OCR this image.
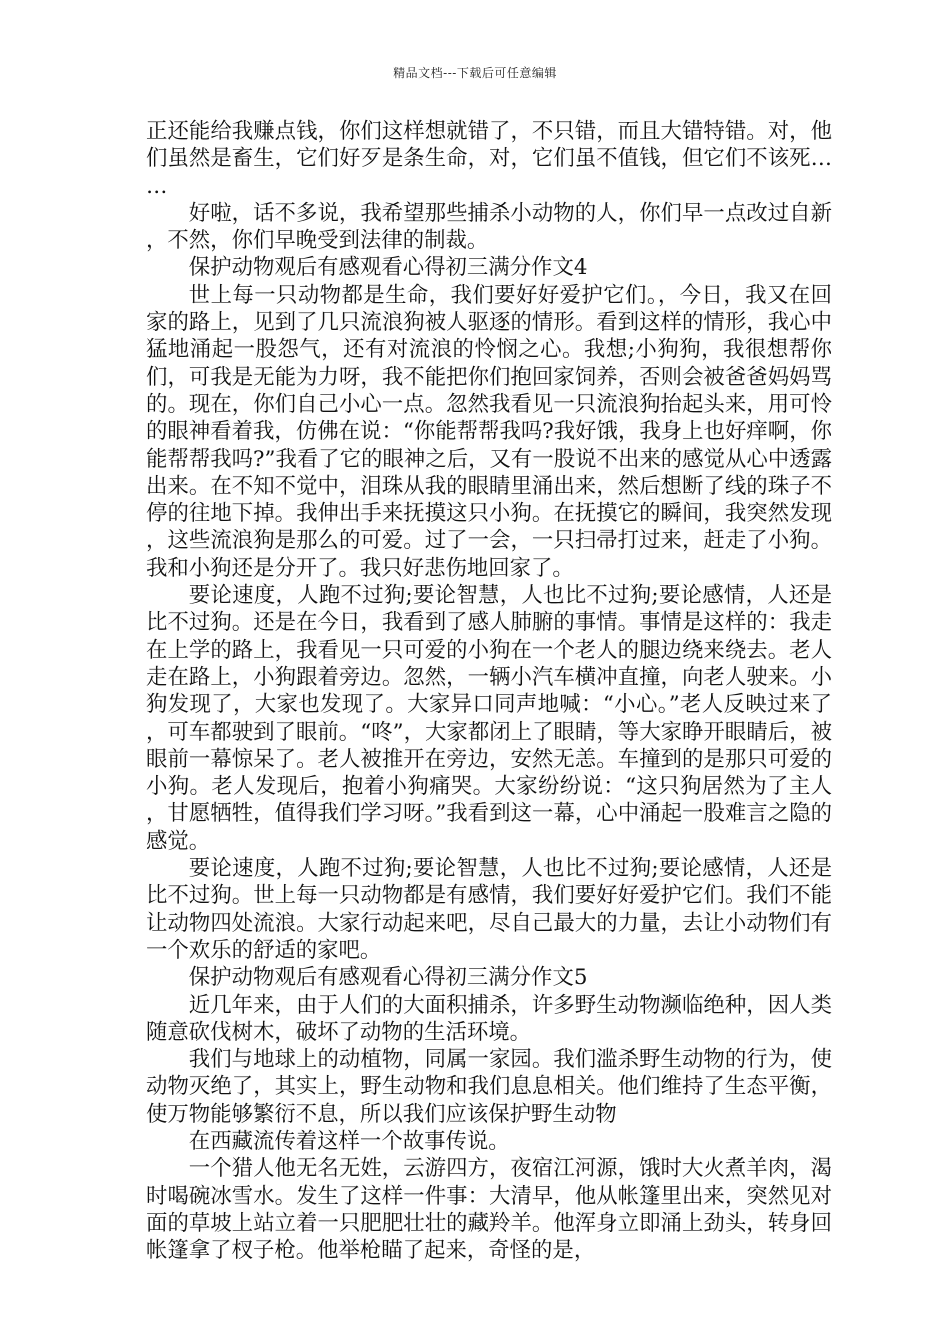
精品文档---下载后可任意编辑

正还能给我赚点钱，你们这样想就错了，不只错，而且大错特错。对，他们虽然是畜生，它们好歹是条生命，对，它们虽不值钱，但它们不该死……

好啦，话不多说，我希望那些捕杀小动物的人，你们早一点改过自新，不然，你们早晚受到法律的制裁。

保护动物观后有感观看心得初三满分作文4

世上每一只动物都是生命，我们要好好爱护它们。，今日，我又在回家的路上，见到了几只流浪狗被人驱逐的情形。看到这样的情形，我心中猛地涌起一股怨气，还有对流浪的怜悯之心。我想;小狗狗，我很想帮你们，可我是无能为力呀，我不能把你们抱回家饲养，否则会被爸爸妈妈骂的。现在，你们自己小心一点。忽然我看见一只流浪狗抬起头来，用可怜的眼神看着我，仿佛在说：“你能帮帮我吗?我好饿，我身上也好痒啊，你能帮帮我吗?”我看了它的眼神之后，又有一股说不出来的感觉从心中透露出来。在不知不觉中，泪珠从我的眼睛里涌出来，然后想断了线的珠子不停的往地下掉。我伸出手来抚摸这只小狗。在抚摸它的瞬间，我突然发现，这些流浪狗是那么的可爱。过了一会，一只扫帚打过来，赶走了小狗。我和小狗还是分开了。我只好悲伤地回家了。

要论速度，人跑不过狗;要论智慧，人也比不过狗;要论感情，人还是比不过狗。还是在今日，我看到了感人肺腑的事情。事情是这样的：我走在上学的路上，我看见一只可爱的小狗在一个老人的腿边绕来绕去。老人走在路上，小狗跟着旁边。忽然，一辆小汽车横冲直撞，向老人驶来。小狗发现了，大家也发现了。大家异口同声地喊：“小心。”老人反映过来了，可车都驶到了眼前。“咚”，大家都闭上了眼睛，等大家睁开眼睛后，被眼前一幕惊呆了。老人被推开在旁边，安然无恙。车撞到的是那只可爱的小狗。老人发现后，抱着小狗痛哭。大家纷纷说：“这只狗居然为了主人，甘愿牺牲，值得我们学习呀。”我看到这一幕，心中涌起一股难言之隐的感觉。

要论速度，人跑不过狗;要论智慧，人也比不过狗;要论感情，人还是比不过狗。世上每一只动物都是有感情，我们要好好爱护它们。我们不能让动物四处流浪。大家行动起来吧，尽自己最大的力量，去让小动物们有一个欢乐的舒适的家吧。

保护动物观后有感观看心得初三满分作文5

近几年来，由于人们的大面积捕杀，许多野生动物濒临绝种，因人类随意砍伐树木，破坏了动物的生活环境。

我们与地球上的动植物，同属一家园。我们滥杀野生动物的行为，使动物灭绝了，其实上，野生动物和我们息息相关。他们维持了生态平衡，使万物能够繁衍不息，所以我们应该保护野生动物

在西藏流传着这样一个故事传说。

一个猎人他无名无姓，云游四方，夜宿江河源，饿时大火煮羊肉，渴时喝碗冰雪水。发生了这样一件事：大清早，他从帐篷里出来，突然见对面的草坡上站立着一只肥肥壮壮的藏羚羊。他浑身立即涌上劲头，转身回帐篷拿了杈子枪。他举枪瞄了起来，奇怪的是，
